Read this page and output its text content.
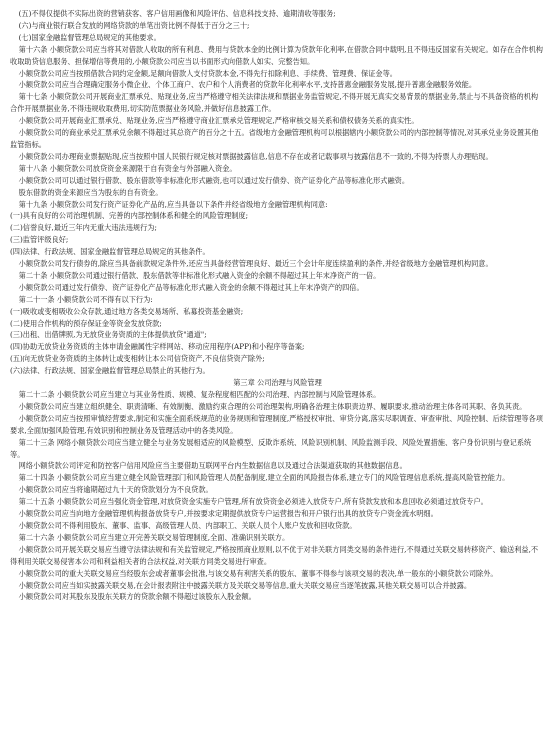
(五)不得仅提供不实际出资的营销获客、客户信用画像和风险评估、信息科技支持、逾期清收等服务;

(六)与商业银行联合发放的网络贷款的单笔出资比例不得低于百分之三十;

(七)国家金融监督管理总局规定的其他要求。

第十六条 小额贷款公司应当将其对借款人收取的所有利息、费用与贷款本金的比例计算为贷款年化利率,在借款合同中载明,且不得违反国家有关规定。如存在合作机构收取助贷信息服务、担保增信等费用的,小额贷款公司应当以书面形式向借款人如实、完整告知。

小额贷款公司应当按照借款合同约定金额,足额向借款人支付贷款本金,不得先行扣除利息、手续费、管理费、保证金等。

小额贷款公司应当合理确定服务小微企业、个体工商户、农户和个人消费者的贷款年化利率水平,支持普惠金融服务发展,提升普惠金融服务效能。

第十七条 小额贷款公司开展商业汇票承兑、贴现业务,应当严格遵守相关法律法规和票据业务监管规定,不得开展无真实交易背景的票据业务,禁止与不具备资格的机构合作开展票据业务,不得违规收取费用,切实防范票据业务风险,并做好信息披露工作。

小额贷款公司开展商业汇票承兑、贴现业务,应当严格遵守商业汇票承兑管理规定,严格审核交易关系和债权债务关系的真实性。

小额贷款公司的商业承兑汇票承兑余额不得超过其总资产的百分之十五。省级地方金融管理机构可以根据辖内小额贷款公司的内部控制等情况,对其承兑业务设置其他监管指标。

小额贷款公司办理商业票据贴现,应当按照中国人民银行规定核对票据披露信息,信息不存在或者记载事项与披露信息不一致的,不得为持票人办理贴现。

第十八条 小额贷款公司放贷资金来源限于自有资金与外部融入资金。

小额贷款公司可以通过银行借款、股东借款等非标准化形式融资,也可以通过发行债券、资产证券化产品等标准化形式融资。

股东借款的资金来源应当为股东的自有资金。

第十九条 小额贷款公司发行资产证券化产品的,应当具备以下条件并经省级地方金融管理机构同意:

(一)具有良好的公司治理机制、完善的内部控制体系和健全的风险管理制度;

(二)信誉良好,最近三年内无重大违法违规行为;

(三)监管评级良好;

(四)法律、行政法规、国家金融监督管理总局规定的其他条件。

小额贷款公司发行债券的,除应当具备前款规定条件外,还应当具备经营管理良好、最近三个会计年度连续盈利的条件,并经省级地方金融管理机构同意。

第二十条 小额贷款公司通过银行借款、股东借款等非标准化形式融入资金的余额不得超过其上年末净资产的一倍。

小额贷款公司通过发行债券、资产证券化产品等标准化形式融入资金的余额不得超过其上年末净资产的四倍。

第二十一条 小额贷款公司不得有以下行为:

(一)吸收或变相吸收公众存款,通过地方各类交易场所、私募投资基金融资;

(二)使用合作机构的预存保证金等资金发放贷款;

(三)出租、出借牌照,为无放贷业务资质的主体提供放贷"通道";

(四)协助无放贷业务资质的主体申请金融属性字样网站、移动应用程序(APP)和小程序等备案;

(五)向无放贷业务资质的主体转让或变相转让本公司信贷资产,不良信贷资产除外;

(六)法律、行政法规、国家金融监督管理总局禁止的其他行为。

第三章 公司治理与风险管理

第二十二条 小额贷款公司应当建立与其业务性质、规模、复杂程度相匹配的公司治理、内部控制与风险管理体系。

小额贷款公司应当建立组织健全、职责清晰、有效制衡、激励约束合理的公司治理架构,明确各治理主体职责边界、履职要求,推动治理主体各司其职、各负其责。

小额贷款公司应当按照审慎经营要求,制定和实施全面系统规范的业务规则和管理制度,严格授权审批、审贷分离,落实尽职调查、审查审批、风险控制、后续管理等各项要求,全面加强风险管理,有效识别和控制业务及管理活动中的各类风险。

第二十三条 网络小额贷款公司应当建立健全与业务发展相适应的风险模型、反欺诈系统、风险识别机制、风险监测手段、风险处置措施、客户身份识别与登记系统等。

网络小额贷款公司评定和防控客户信用风险应当主要借助互联网平台内生数据信息以及通过合法渠道获取的其他数据信息。

第二十四条 小额贷款公司应当建立健全风险管理部门和风险管理人员配备制度,建立全面的风险报告体系,建立专门的风险管理信息系统,提高风险管控能力。

小额贷款公司应当将逾期超过九十天的贷款划分为不良贷款。

第二十五条 小额贷款公司应当强化资金管理,对放贷资金实施专户管理,所有放贷资金必须进入放贷专户,所有贷款发放和本息回收必须通过放贷专户。

小额贷款公司应当向地方金融管理机构报备放贷专户,并按要求定期提供放贷专户运营报告和开户银行出具的放贷专户资金流水明细。

小额贷款公司不得利用股东、董事、监事、高级管理人员、内部职工、关联人员个人账户发放和回收贷款。

第二十六条 小额贷款公司应当建立开完善关联交易管理制度,全面、准确识别关联方。

小额贷款公司开展关联交易应当遵守法律法规和有关监管规定,严格按照商业原则,以不优于对非关联方同类交易的条件进行,不得通过关联交易转移资产、输送利益,不得利用关联交易侵害本公司和利益相关者的合法权益,对关联方同类交易进行审查。

小额贷款公司的重大关联交易应当经股东会或者董事会批准,与该交易有利害关系的股东、董事不得参与该项交易的表决,单一般东的小额贷款公司除外。

小额贷款公司应当如实披露关联交易,在会计报表附注中披露关联方及关联交易等信息,重大关联交易应当逐笔披露,其他关联交易可以合并披露。

小额贷款公司对其股东及股东关联方的贷款余额不得超过该股东入股金额。
